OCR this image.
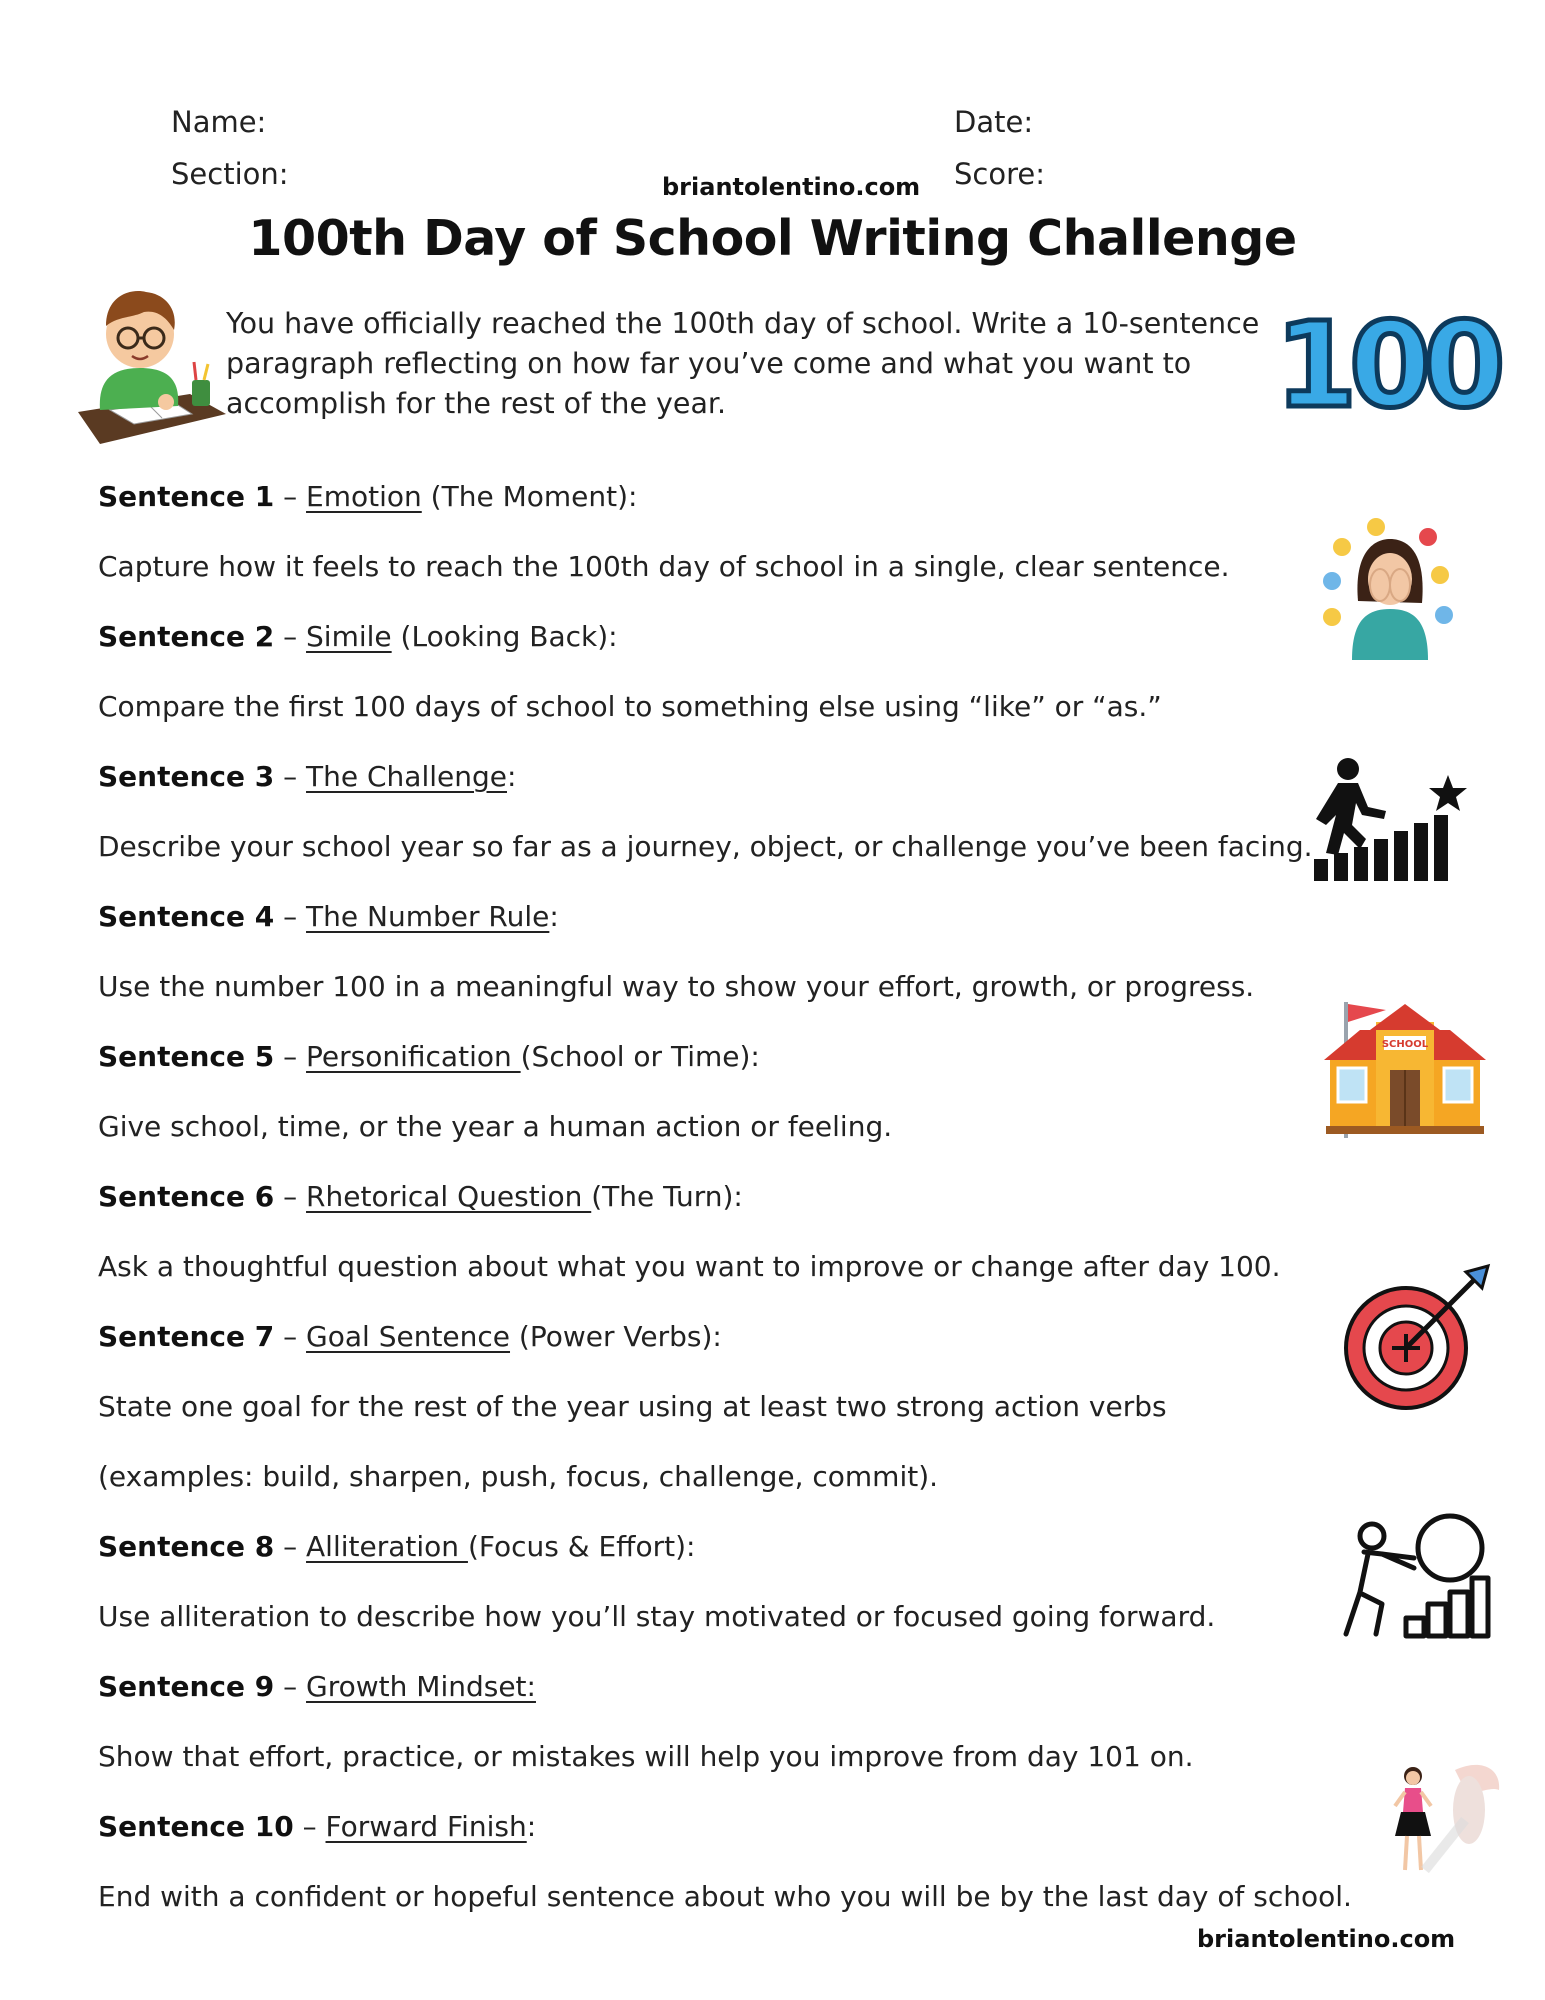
Name:	Date:
Section:	Score:
briantolentino.com
100th Day of School Writing Challenge
You have officially reached the 100th day of school. Write a 10-sentence
paragraph reflecting on how far you’ve come and what you want to
accomplish for the rest of the year.	100
Sentence 1 – Emotion (The Moment):
Capture how it feels to reach the 100th day of school in a single, clear sentence.
Sentence 2 – Simile (Looking Back):
Compare the first 100 days of school to something else using “like” or “as.”
Sentence 3 – The Challenge:
Describe your school year so far as a journey, object, or challenge you’ve been facing.
Sentence 4 – The Number Rule:
Use the number 100 in a meaningful way to show your effort, growth, or progress.
Sentence 5 – Personification (School or Time):
Give school, time, or the year a human action or feeling.
Sentence 6 – Rhetorical Question (The Turn):
Ask a thoughtful question about what you want to improve or change after day 100.
Sentence 7 – Goal Sentence (Power Verbs):
State one goal for the rest of the year using at least two strong action verbs
(examples: build, sharpen, push, focus, challenge, commit).
Sentence 8 – Alliteration (Focus & Effort):
Use alliteration to describe how you’ll stay motivated or focused going forward.
Sentence 9 – Growth Mindset:
Show that effort, practice, or mistakes will help you improve from day 101 on.
Sentence 10 – Forward Finish:
End with a confident or hopeful sentence about who you will be by the last day of school.
SCHOOL
briantolentino.com
